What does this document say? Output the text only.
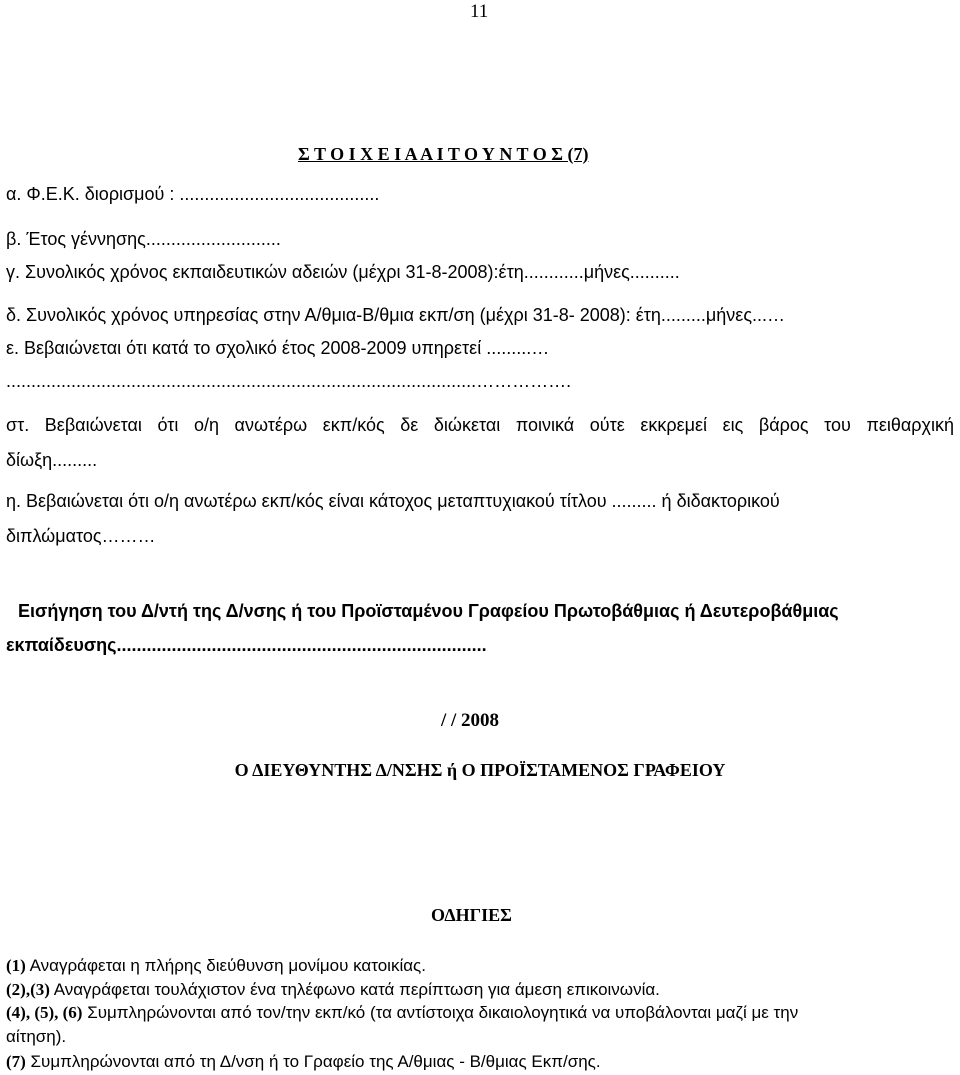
11
Σ Τ Ο Ι Χ Ε Ι Α Α Ι Τ Ο Υ Ν Τ Ο Σ (7)
α. Φ.Ε.Κ. διορισμού : ........................................
β. Έτος γέννησης...........................
γ. Συνολικός χρόνος εκπαιδευτικών αδειών (μέχρι 31-8-2008):έτη............μήνες..........
δ. Συνολικός χρόνος υπηρεσίας στην Α/θμια-Β/θμια εκπ/ση (μέχρι 31-8- 2008): έτη.........μήνες...…
ε. Βεβαιώνεται ότι κατά το σχολικό έτος 2008-2009 υπηρετεί .........…
..............................................................................................…………….
στ. Βεβαιώνεται ότι ο/η ανωτέρω εκπ/κός δε διώκεται ποινικά ούτε εκκρεμεί εις βάρος του πειθαρχική
δίωξη.........
η. Βεβαιώνεται ότι ο/η ανωτέρω εκπ/κός είναι κάτοχος μεταπτυχιακού τίτλου ......... ή διδακτορικού
διπλώματος………
Εισήγηση του Δ/ντή της Δ/νσης ή του Προϊσταμένου Γραφείου Πρωτοβάθμιας ή Δευτεροβάθμιας
εκπαίδευσης..........................................................................
/ / 2008
Ο ΔΙΕΥΘΥΝΤΗΣ Δ/ΝΣΗΣ ή Ο ΠΡΟΪΣΤΑΜΕΝΟΣ ΓΡΑΦΕΙΟΥ
ΟΔΗΓΙΕΣ
(1) Αναγράφεται η πλήρης διεύθυνση μονίμου κατοικίας.
(2),(3) Αναγράφεται τουλάχιστον ένα τηλέφωνο κατά περίπτωση για άμεση επικοινωνία.
(4), (5), (6) Συμπληρώνονται από τον/την εκπ/κό (τα αντίστοιχα δικαιολογητικά να υποβάλονται μαζί με την
αίτηση).
(7) Συμπληρώνονται από τη Δ/νση ή το Γραφείο της Α/θμιας - Β/θμιας Εκπ/σης.
